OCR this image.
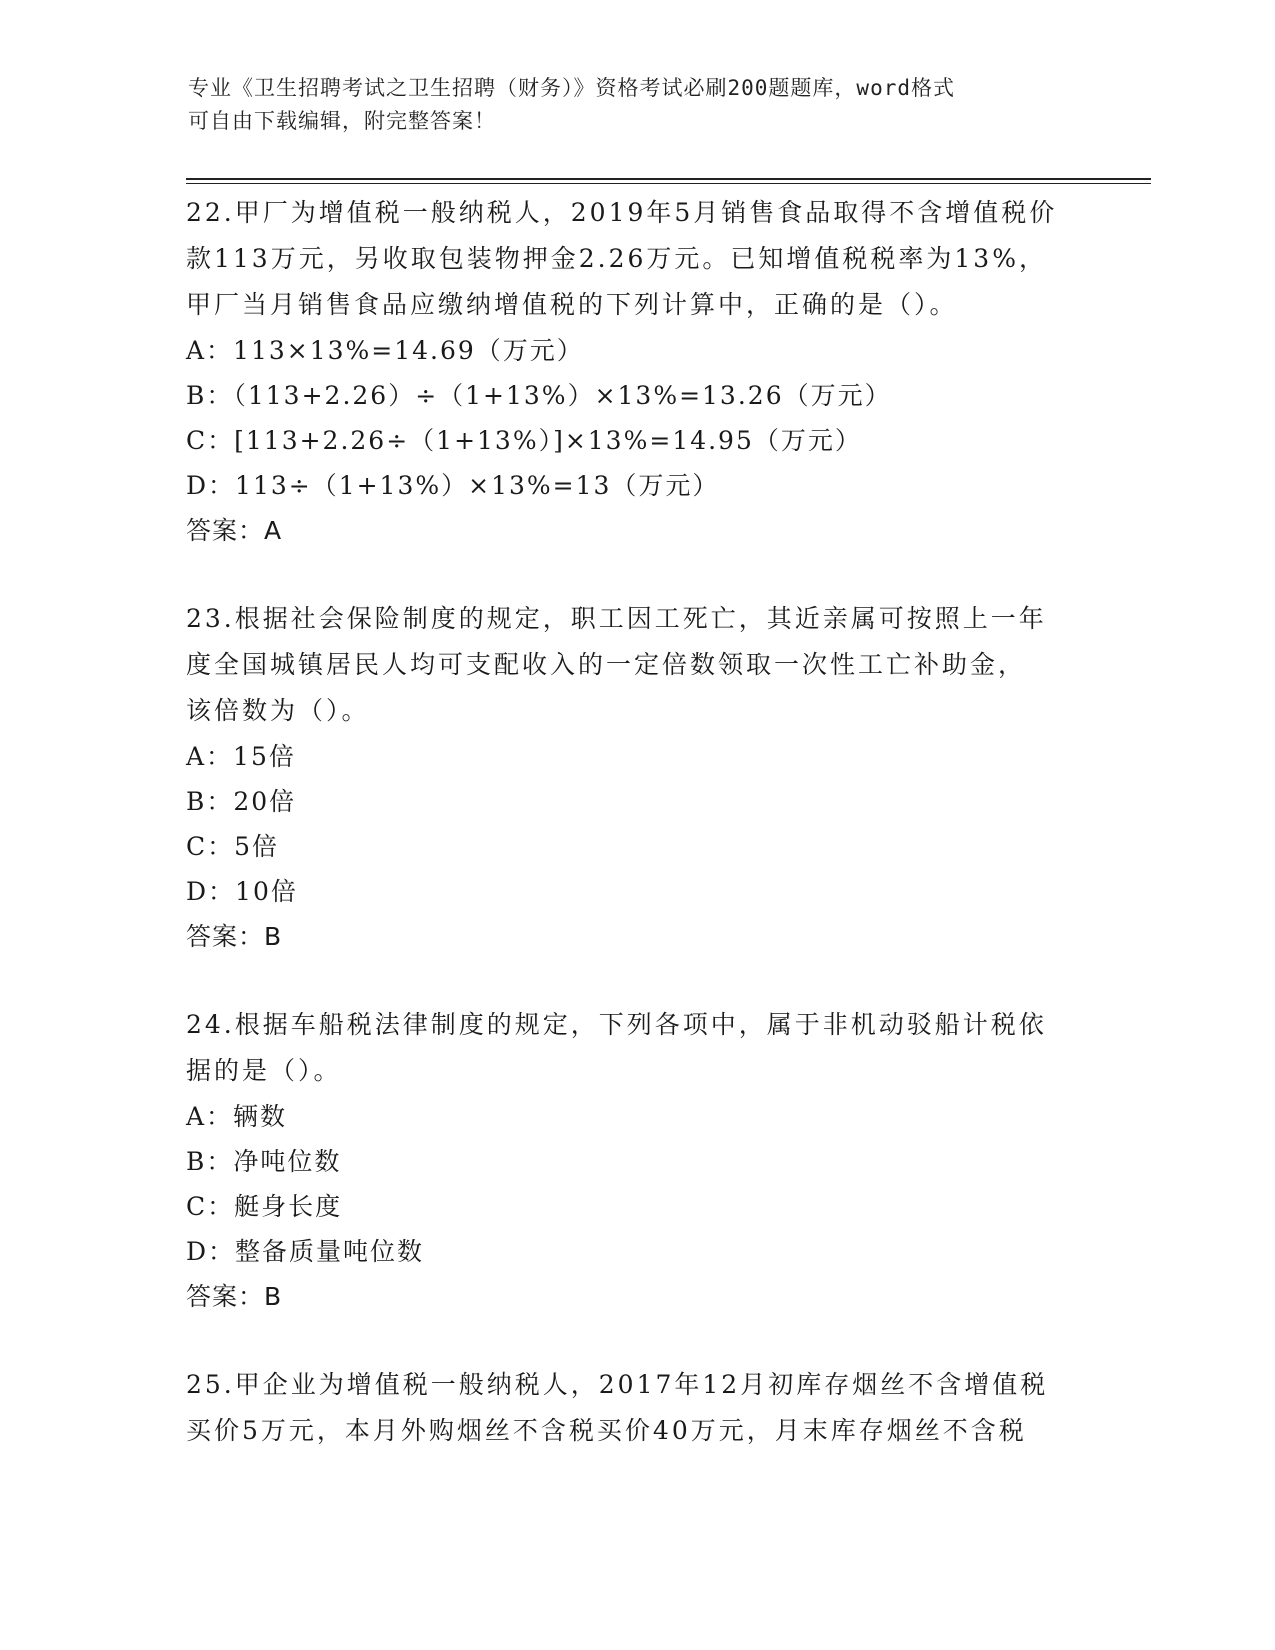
专业《卫生招聘考试之卫生招聘（财务）》资格考试必刷200题题库，word格式
可自由下载编辑，附完整答案！

22.甲厂为增值税一般纳税人，2019年5月销售食品取得不含增值税价

款113万元，另收取包装物押金2.26万元。已知增值税税率为13%，

甲厂当月销售食品应缴纳增值税的下列计算中，正确的是（）。

A：113×13%=14.69（万元）

B：（113+2.26）÷（1+13%）×13%=13.26（万元）

C：[113+2.26÷（1+13%）]×13%=14.95（万元）

D：113÷（1+13%）×13%=13（万元）

答案：A

23.根据社会保险制度的规定，职工因工死亡，其近亲属可按照上一年

度全国城镇居民人均可支配收入的一定倍数领取一次性工亡补助金，

该倍数为（）。

A：15倍

B：20倍

C：5倍

D：10倍

答案：B

24.根据车船税法律制度的规定，下列各项中，属于非机动驳船计税依

据的是（）。

A：辆数

B：净吨位数

C：艇身长度

D：整备质量吨位数

答案：B

25.甲企业为增值税一般纳税人，2017年12月初库存烟丝不含增值税

买价5万元，本月外购烟丝不含税买价40万元，月末库存烟丝不含税
